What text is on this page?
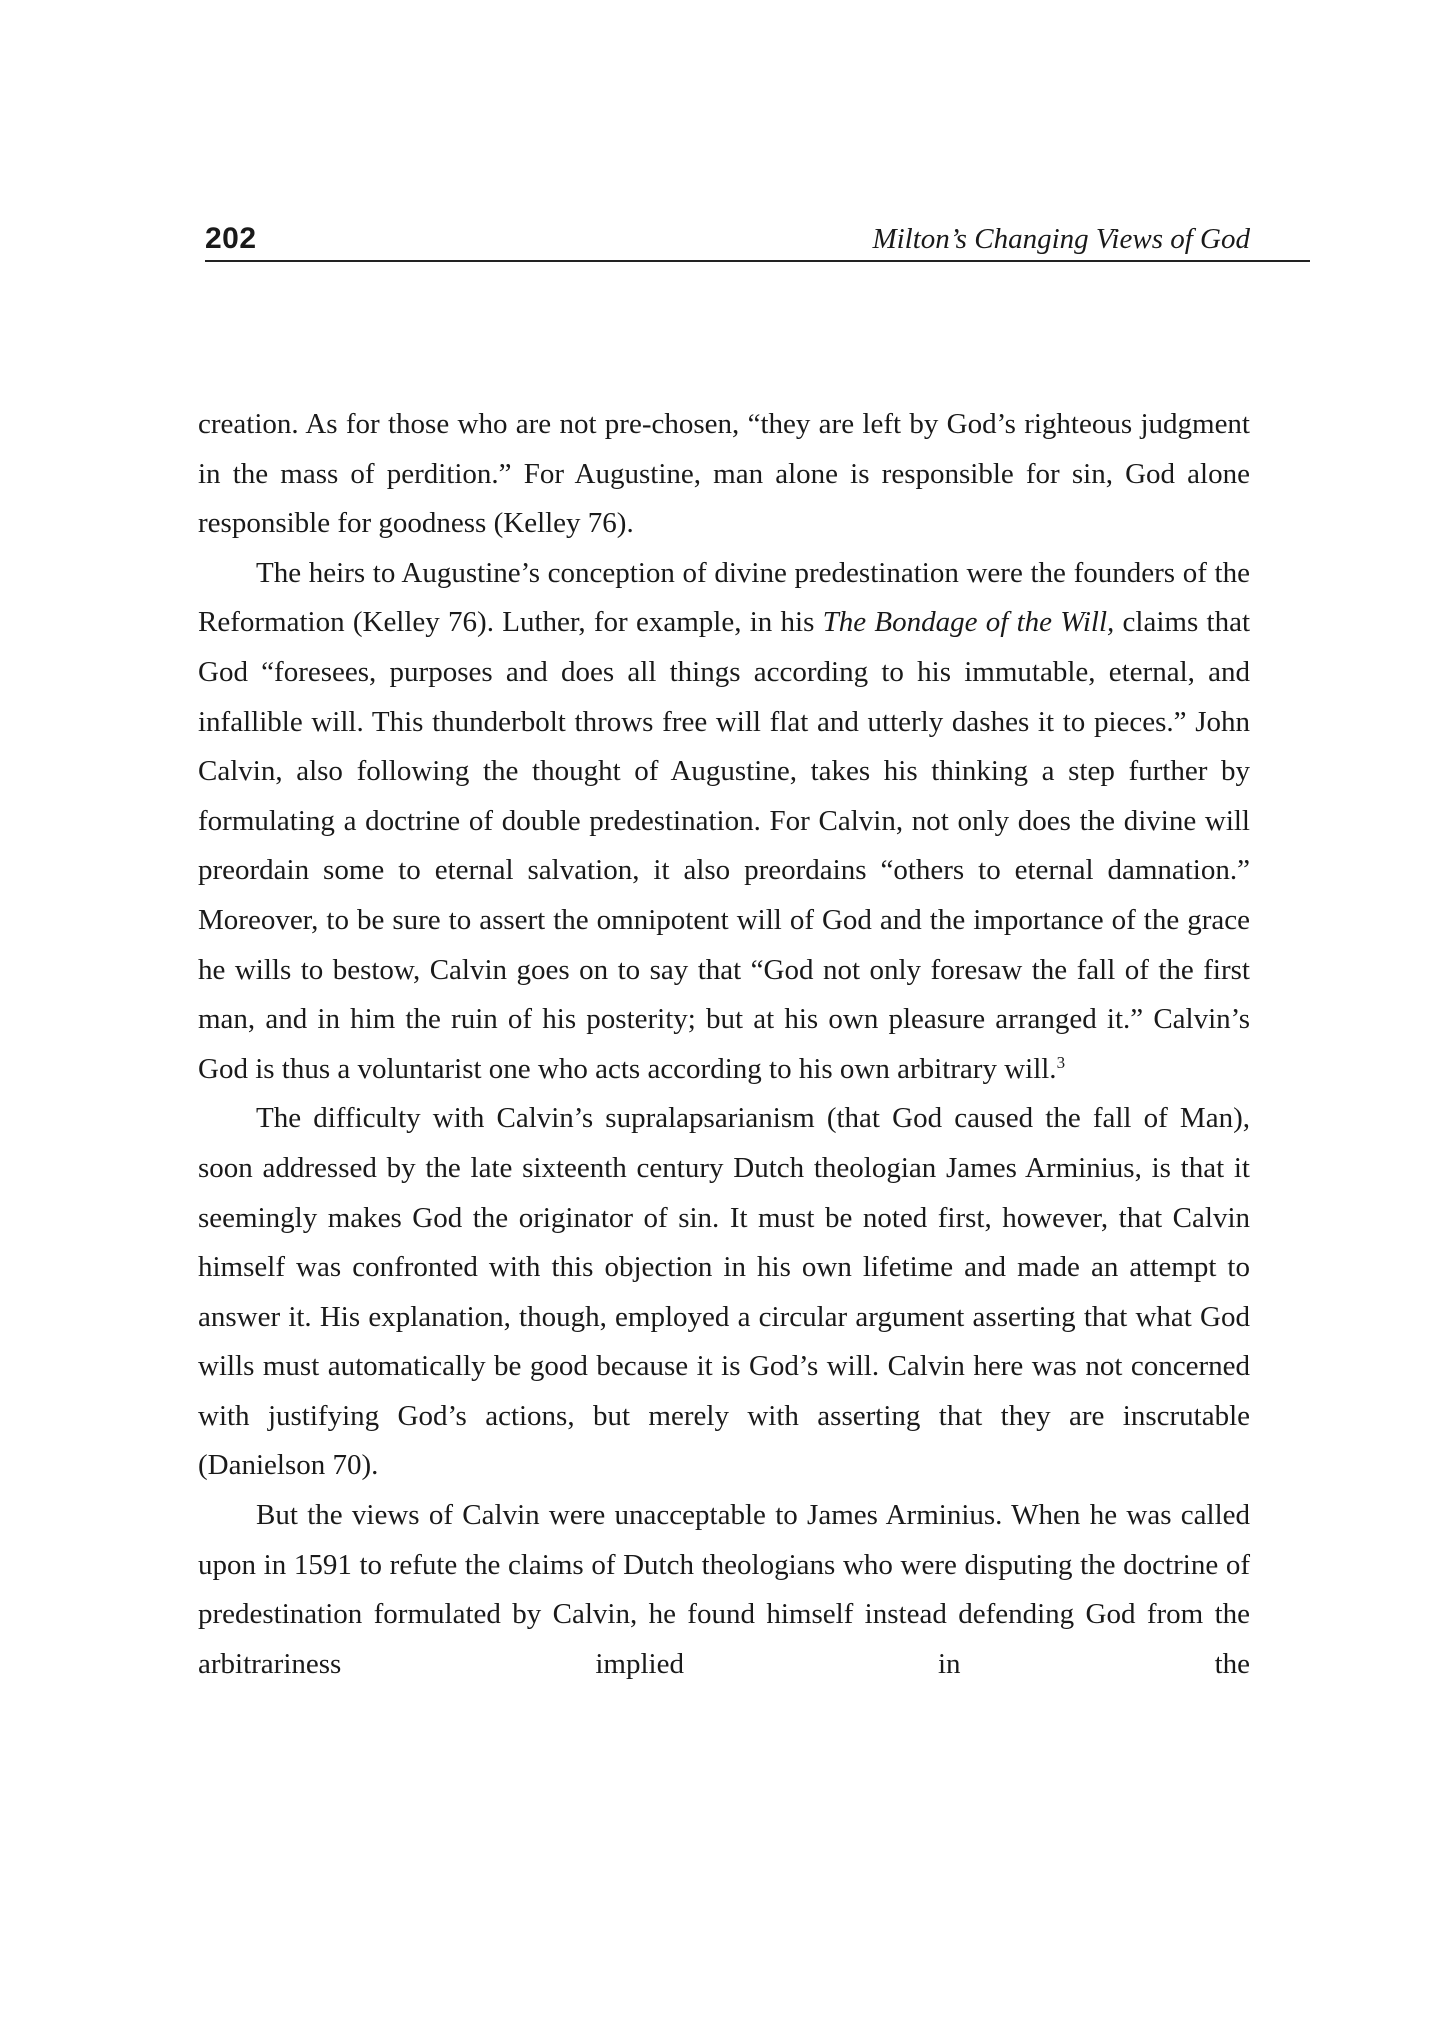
202	Milton’s Changing Views of God

creation. As for those who are not pre-chosen, “they are left by God’s righteous judgment in the mass of perdition.” For Augustine, man alone is responsible for sin, God alone responsible for goodness (Kelley 76).

The heirs to Augustine’s conception of divine predestination were the founders of the Reformation (Kelley 76). Luther, for example, in his The Bondage of the Will, claims that God “foresees, purposes and does all things according to his immutable, eternal, and infallible will. This thunderbolt throws free will flat and utterly dashes it to pieces.” John Calvin, also following the thought of Augustine, takes his thinking a step further by formulating a doctrine of double predestination. For Calvin, not only does the divine will preordain some to eternal salvation, it also preordains “others to eternal damnation.” Moreover, to be sure to assert the omnipotent will of God and the importance of the grace he wills to bestow, Calvin goes on to say that “God not only foresaw the fall of the first man, and in him the ruin of his posterity; but at his own pleasure arranged it.” Calvin’s God is thus a voluntarist one who acts according to his own arbitrary will.$^3$

The difficulty with Calvin’s supralapsarianism (that God caused the fall of Man), soon addressed by the late sixteenth century Dutch theologian James Arminius, is that it seemingly makes God the originator of sin. It must be noted first, however, that Calvin himself was confronted with this objection in his own lifetime and made an attempt to answer it. His explanation, though, employed a circular argument asserting that what God wills must automatically be good because it is God’s will. Calvin here was not concerned with justifying God’s actions, but merely with asserting that they are inscrutable (Danielson 70).

But the views of Calvin were unacceptable to James Arminius. When he was called upon in 1591 to refute the claims of Dutch theologians who were disputing the doctrine of predestination formulated by Calvin, he found himself instead defending God from the arbitrariness implied in the
